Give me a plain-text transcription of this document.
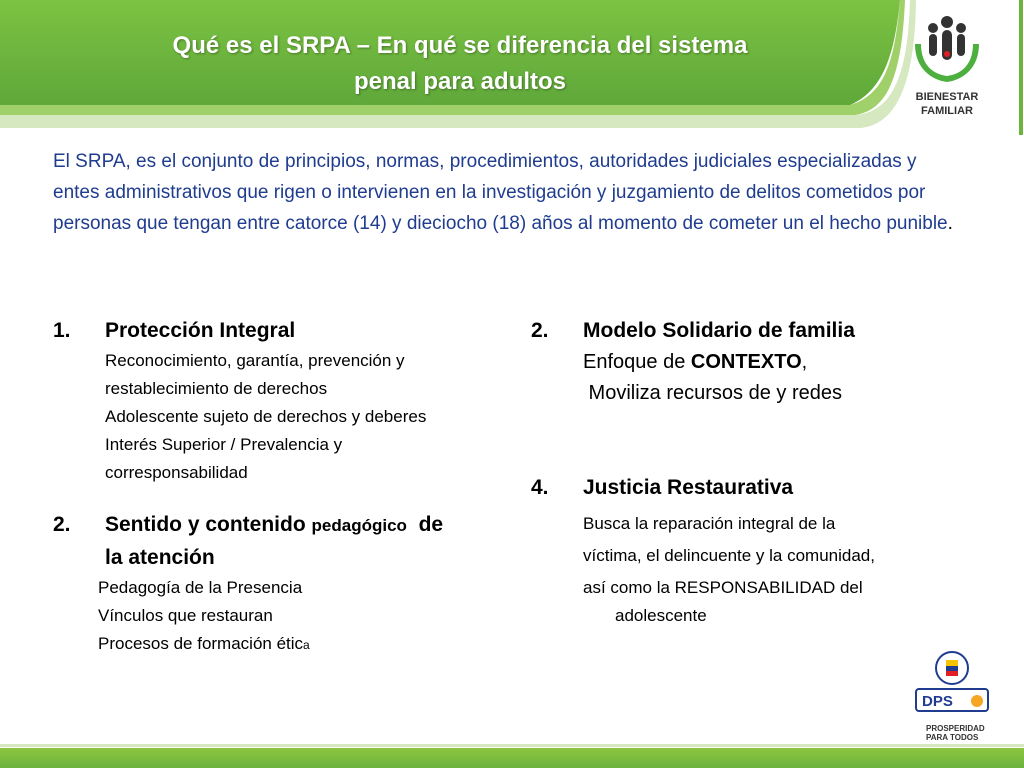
Qué es el SRPA – En qué se diferencia del sistema
penal para adultos
BIENESTAR
FAMILIAR
El SRPA, es el conjunto de principios, normas, procedimientos, autoridades judiciales especializadas y entes administrativos que rigen o intervienen en la investigación y juzgamiento de delitos cometidos por personas que tengan entre catorce (14) y dieciocho (18) años al momento de cometer un el hecho punible.
1. Protección Integral
Reconocimiento, garantía, prevención y
restablecimiento de derechos
Adolescente sujeto de derechos y deberes
Interés Superior / Prevalencia y
corresponsabilidad
2. Sentido y contenido pedagógico  de
la atención
Pedagogía de la Presencia
Vínculos que restauran
Procesos de formación ética
2. Modelo Solidario de familia
Enfoque de CONTEXTO,
Moviliza recursos de y redes
4. Justicia Restaurativa
Busca la reparación integral de la
víctima, el delincuente y la comunidad,
así como la RESPONSABILIDAD del
adolescente
DPS
PROSPERIDAD
PARA TODOS
